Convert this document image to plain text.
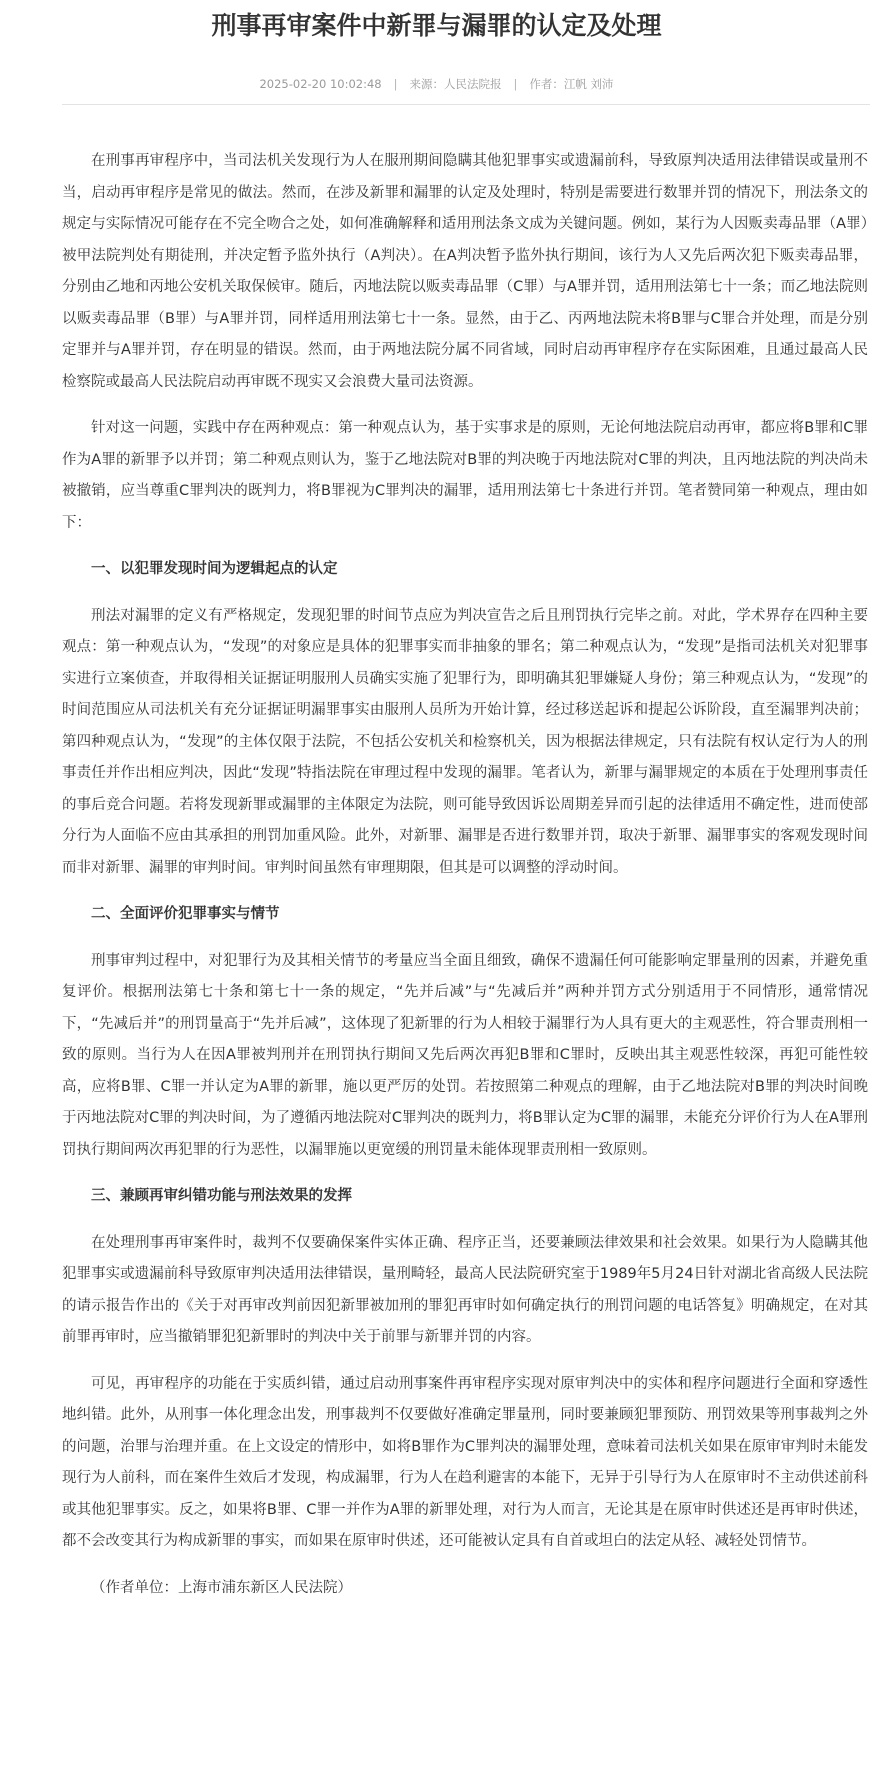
刑事再审案件中新罪与漏罪的认定及处理
2025-02-20 10:02:48 | 来源：人民法院报 | 作者：江帆 刘沛

在刑事再审程序中，当司法机关发现行为人在服刑期间隐瞒其他犯罪事实或遗漏前科，导致原判决适用法律错误或量刑不当，启动再审程序是常见的做法。然而，在涉及新罪和漏罪的认定及处理时，特别是需要进行数罪并罚的情况下，刑法条文的规定与实际情况可能存在不完全吻合之处，如何准确解释和适用刑法条文成为关键问题。例如，某行为人因贩卖毒品罪（A罪）被甲法院判处有期徒刑，并决定暂予监外执行（A判决）。在A判决暂予监外执行期间，该行为人又先后两次犯下贩卖毒品罪，分别由乙地和丙地公安机关取保候审。随后，丙地法院以贩卖毒品罪（C罪）与A罪并罚，适用刑法第七十一条；而乙地法院则以贩卖毒品罪（B罪）与A罪并罚，同样适用刑法第七十一条。显然，由于乙、丙两地法院未将B罪与C罪合并处理，而是分别定罪并与A罪并罚，存在明显的错误。然而，由于两地法院分属不同省域，同时启动再审程序存在实际困难，且通过最高人民检察院或最高人民法院启动再审既不现实又会浪费大量司法资源。

针对这一问题，实践中存在两种观点：第一种观点认为，基于实事求是的原则，无论何地法院启动再审，都应将B罪和C罪作为A罪的新罪予以并罚；第二种观点则认为，鉴于乙地法院对B罪的判决晚于丙地法院对C罪的判决，且丙地法院的判决尚未被撤销，应当尊重C罪判决的既判力，将B罪视为C罪判决的漏罪，适用刑法第七十条进行并罚。笔者赞同第一种观点，理由如下：

一、以犯罪发现时间为逻辑起点的认定

刑法对漏罪的定义有严格规定，发现犯罪的时间节点应为判决宣告之后且刑罚执行完毕之前。对此，学术界存在四种主要观点：第一种观点认为，“发现”的对象应是具体的犯罪事实而非抽象的罪名；第二种观点认为，“发现”是指司法机关对犯罪事实进行立案侦查，并取得相关证据证明服刑人员确实实施了犯罪行为，即明确其犯罪嫌疑人身份；第三种观点认为，“发现”的时间范围应从司法机关有充分证据证明漏罪事实由服刑人员所为开始计算，经过移送起诉和提起公诉阶段，直至漏罪判决前；第四种观点认为，“发现”的主体仅限于法院，不包括公安机关和检察机关，因为根据法律规定，只有法院有权认定行为人的刑事责任并作出相应判决，因此“发现”特指法院在审理过程中发现的漏罪。笔者认为，新罪与漏罪规定的本质在于处理刑事责任的事后竞合问题。若将发现新罪或漏罪的主体限定为法院，则可能导致因诉讼周期差异而引起的法律适用不确定性，进而使部分行为人面临不应由其承担的刑罚加重风险。此外，对新罪、漏罪是否进行数罪并罚，取决于新罪、漏罪事实的客观发现时间而非对新罪、漏罪的审判时间。审判时间虽然有审理期限，但其是可以调整的浮动时间。

二、全面评价犯罪事实与情节

刑事审判过程中，对犯罪行为及其相关情节的考量应当全面且细致，确保不遗漏任何可能影响定罪量刑的因素，并避免重复评价。根据刑法第七十条和第七十一条的规定，“先并后减”与“先减后并”两种并罚方式分别适用于不同情形，通常情况下，“先减后并”的刑罚量高于“先并后减”，这体现了犯新罪的行为人相较于漏罪行为人具有更大的主观恶性，符合罪责刑相一致的原则。当行为人在因A罪被判刑并在刑罚执行期间又先后两次再犯B罪和C罪时，反映出其主观恶性较深，再犯可能性较高，应将B罪、C罪一并认定为A罪的新罪，施以更严厉的处罚。若按照第二种观点的理解，由于乙地法院对B罪的判决时间晚于丙地法院对C罪的判决时间，为了遵循丙地法院对C罪判决的既判力，将B罪认定为C罪的漏罪，未能充分评价行为人在A罪刑罚执行期间两次再犯罪的行为恶性，以漏罪施以更宽缓的刑罚量未能体现罪责刑相一致原则。

三、兼顾再审纠错功能与刑法效果的发挥

在处理刑事再审案件时，裁判不仅要确保案件实体正确、程序正当，还要兼顾法律效果和社会效果。如果行为人隐瞒其他犯罪事实或遗漏前科导致原审判决适用法律错误，量刑畸轻，最高人民法院研究室于1989年5月24日针对湖北省高级人民法院的请示报告作出的《关于对再审改判前因犯新罪被加刑的罪犯再审时如何确定执行的刑罚问题的电话答复》明确规定，在对其前罪再审时，应当撤销罪犯犯新罪时的判决中关于前罪与新罪并罚的内容。

可见，再审程序的功能在于实质纠错，通过启动刑事案件再审程序实现对原审判决中的实体和程序问题进行全面和穿透性地纠错。此外，从刑事一体化理念出发，刑事裁判不仅要做好准确定罪量刑，同时要兼顾犯罪预防、刑罚效果等刑事裁判之外的问题，治罪与治理并重。在上文设定的情形中，如将B罪作为C罪判决的漏罪处理，意味着司法机关如果在原审审判时未能发现行为人前科，而在案件生效后才发现，构成漏罪，行为人在趋利避害的本能下，无异于引导行为人在原审时不主动供述前科或其他犯罪事实。反之，如果将B罪、C罪一并作为A罪的新罪处理，对行为人而言，无论其是在原审时供述还是再审时供述，都不会改变其行为构成新罪的事实，而如果在原审时供述，还可能被认定具有自首或坦白的法定从轻、减轻处罚情节。

（作者单位：上海市浦东新区人民法院）
